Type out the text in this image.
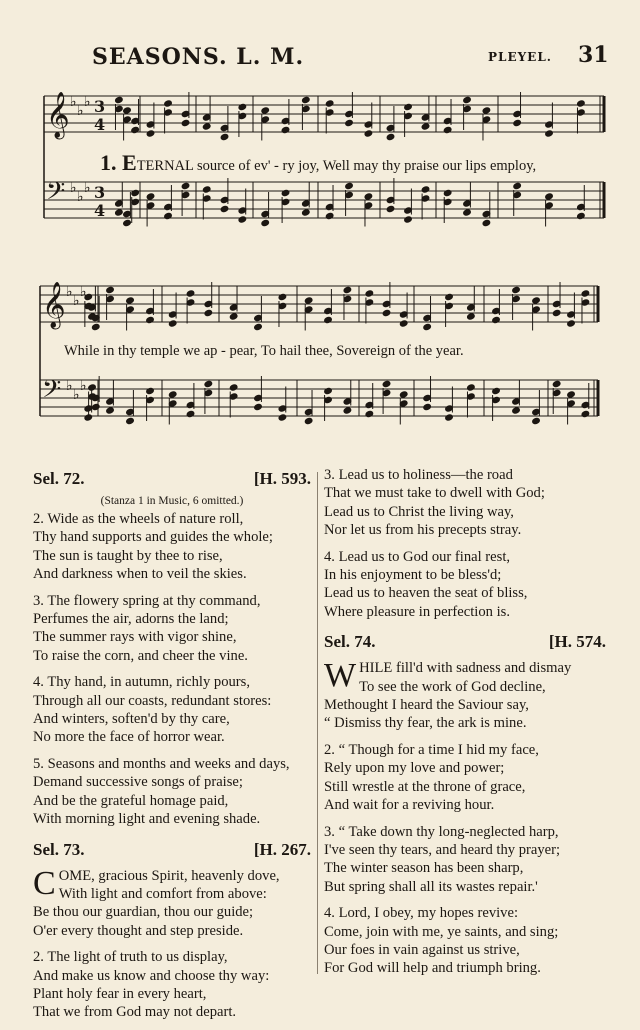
SEASONS. L. M.	PLEYEL. 31
𝄞 ♭
♭
♭ 3
4
𝄢 ♭
♭
♭ 3
4
𝄞 ♭
♭
♭
𝄢 ♭
♭
♭
1. ETERNAL source of ev' - ry joy, Well may thy praise our lips employ,
While in thy temple we ap - pear, To hail thee, Sovereign of the year.
Sel. 72.	[H. 593.
(Stanza 1 in Music, 6 omitted.)
2. Wide as the wheels of nature roll,
Thy hand supports and guides the whole;
The sun is taught by thee to rise,
And darkness when to veil the skies.
3. The flowery spring at thy command,
Perfumes the air, adorns the land;
The summer rays with vigor shine,
To raise the corn, and cheer the vine.
4. Thy hand, in autumn, richly pours,
Through all our coasts, redundant stores:
And winters, soften'd by thy care,
No more the face of horror wear.
5. Seasons and months and weeks and days,
Demand successive songs of praise;
And be the grateful homage paid,
With morning light and evening shade.
Sel. 73.	[H. 267.
C OME, gracious Spirit, heavenly dove,
With light and comfort from above:
Be thou our guardian, thou our guide;
O'er every thought and step preside.
2. The light of truth to us display,
And make us know and choose thy way:
Plant holy fear in every heart,
That we from God may not depart.
3. Lead us to holiness—the road
That we must take to dwell with God;
Lead us to Christ the living way,
Nor let us from his precepts stray.
4. Lead us to God our final rest,
In his enjoyment to be bless'd;
Lead us to heaven the seat of bliss,
Where pleasure in perfection is.
Sel. 74.	[H. 574.
W HILE fill'd with sadness and dismay
To see the work of God decline,
Methought I heard the Saviour say,
“ Dismiss thy fear, the ark is mine.
2. “ Though for a time I hid my face,
Rely upon my love and power;
Still wrestle at the throne of grace,
And wait for a reviving hour.
3. “ Take down thy long-neglected harp,
I've seen thy tears, and heard thy prayer;
The winter season has been sharp,
But spring shall all its wastes repair.'
4. Lord, I obey, my hopes revive:
Come, join with me, ye saints, and sing;
Our foes in vain against us strive,
For God will help and triumph bring.
